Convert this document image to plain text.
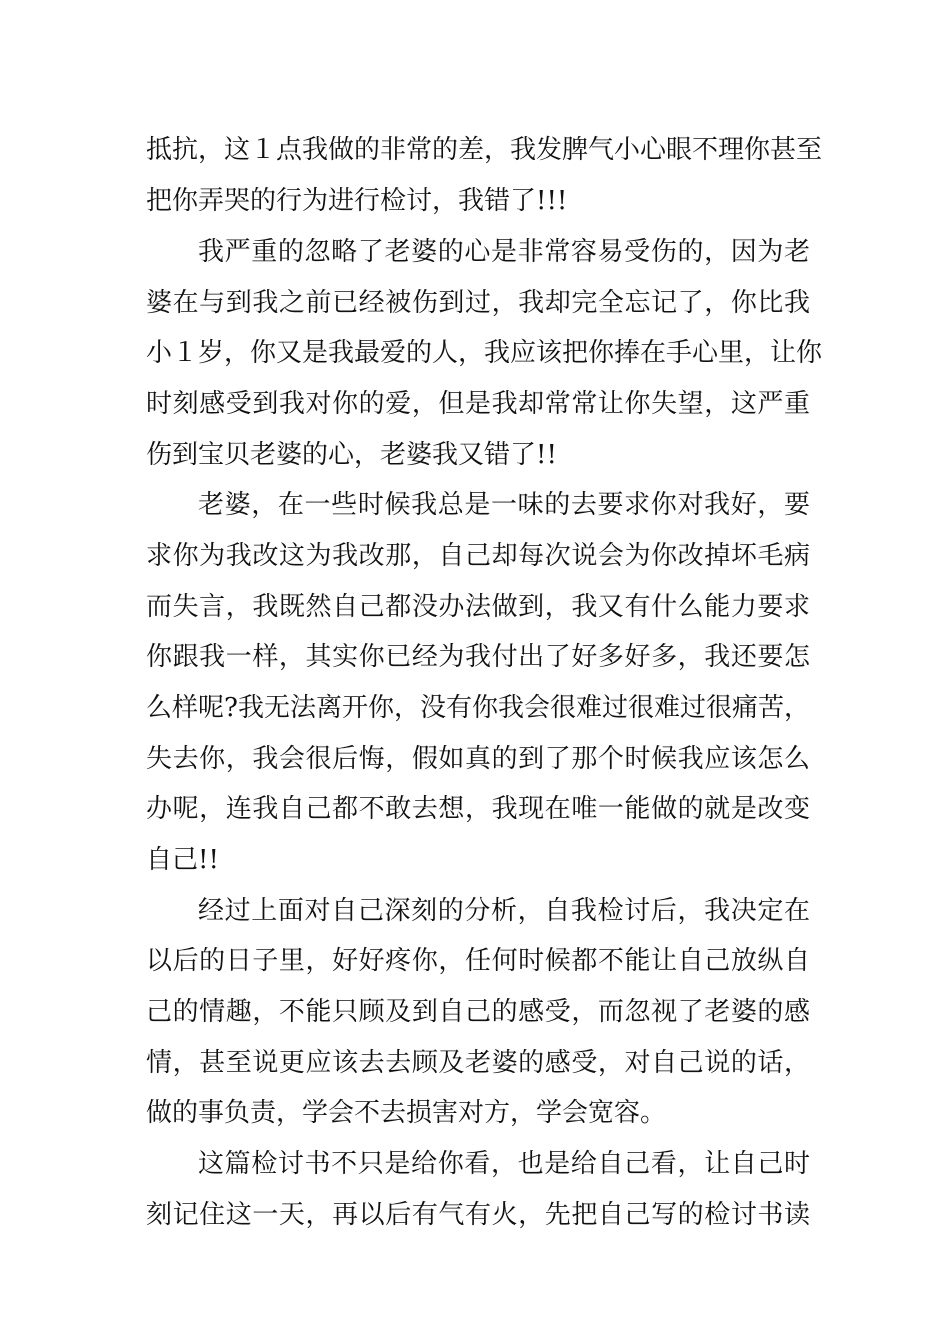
抵抗，这１点我做的非常的差，我发脾气小心眼不理你甚至
把你弄哭的行为进行检讨，我错了!!!
我严重的忽略了老婆的心是非常容易受伤的，因为老
婆在与到我之前已经被伤到过，我却完全忘记了，你比我
小１岁，你又是我最爱的人，我应该把你捧在手心里，让你
时刻感受到我对你的爱，但是我却常常让你失望，这严重
伤到宝贝老婆的心，老婆我又错了!!
老婆，在一些时候我总是一味的去要求你对我好，要
求你为我改这为我改那，自己却每次说会为你改掉坏毛病
而失言，我既然自己都没办法做到，我又有什么能力要求
你跟我一样，其实你已经为我付出了好多好多，我还要怎
么样呢?我无法离开你，没有你我会很难过很难过很痛苦，
失去你，我会很后悔，假如真的到了那个时候我应该怎么
办呢，连我自己都不敢去想，我现在唯一能做的就是改变
自己!!
经过上面对自己深刻的分析，自我检讨后，我决定在
以后的日子里，好好疼你，任何时候都不能让自己放纵自
己的情趣，不能只顾及到自己的感受，而忽视了老婆的感
情，甚至说更应该去去顾及老婆的感受，对自己说的话，
做的事负责，学会不去损害对方，学会宽容。
这篇检讨书不只是给你看，也是给自己看，让自己时
刻记住这一天，再以后有气有火，先把自己写的检讨书读
